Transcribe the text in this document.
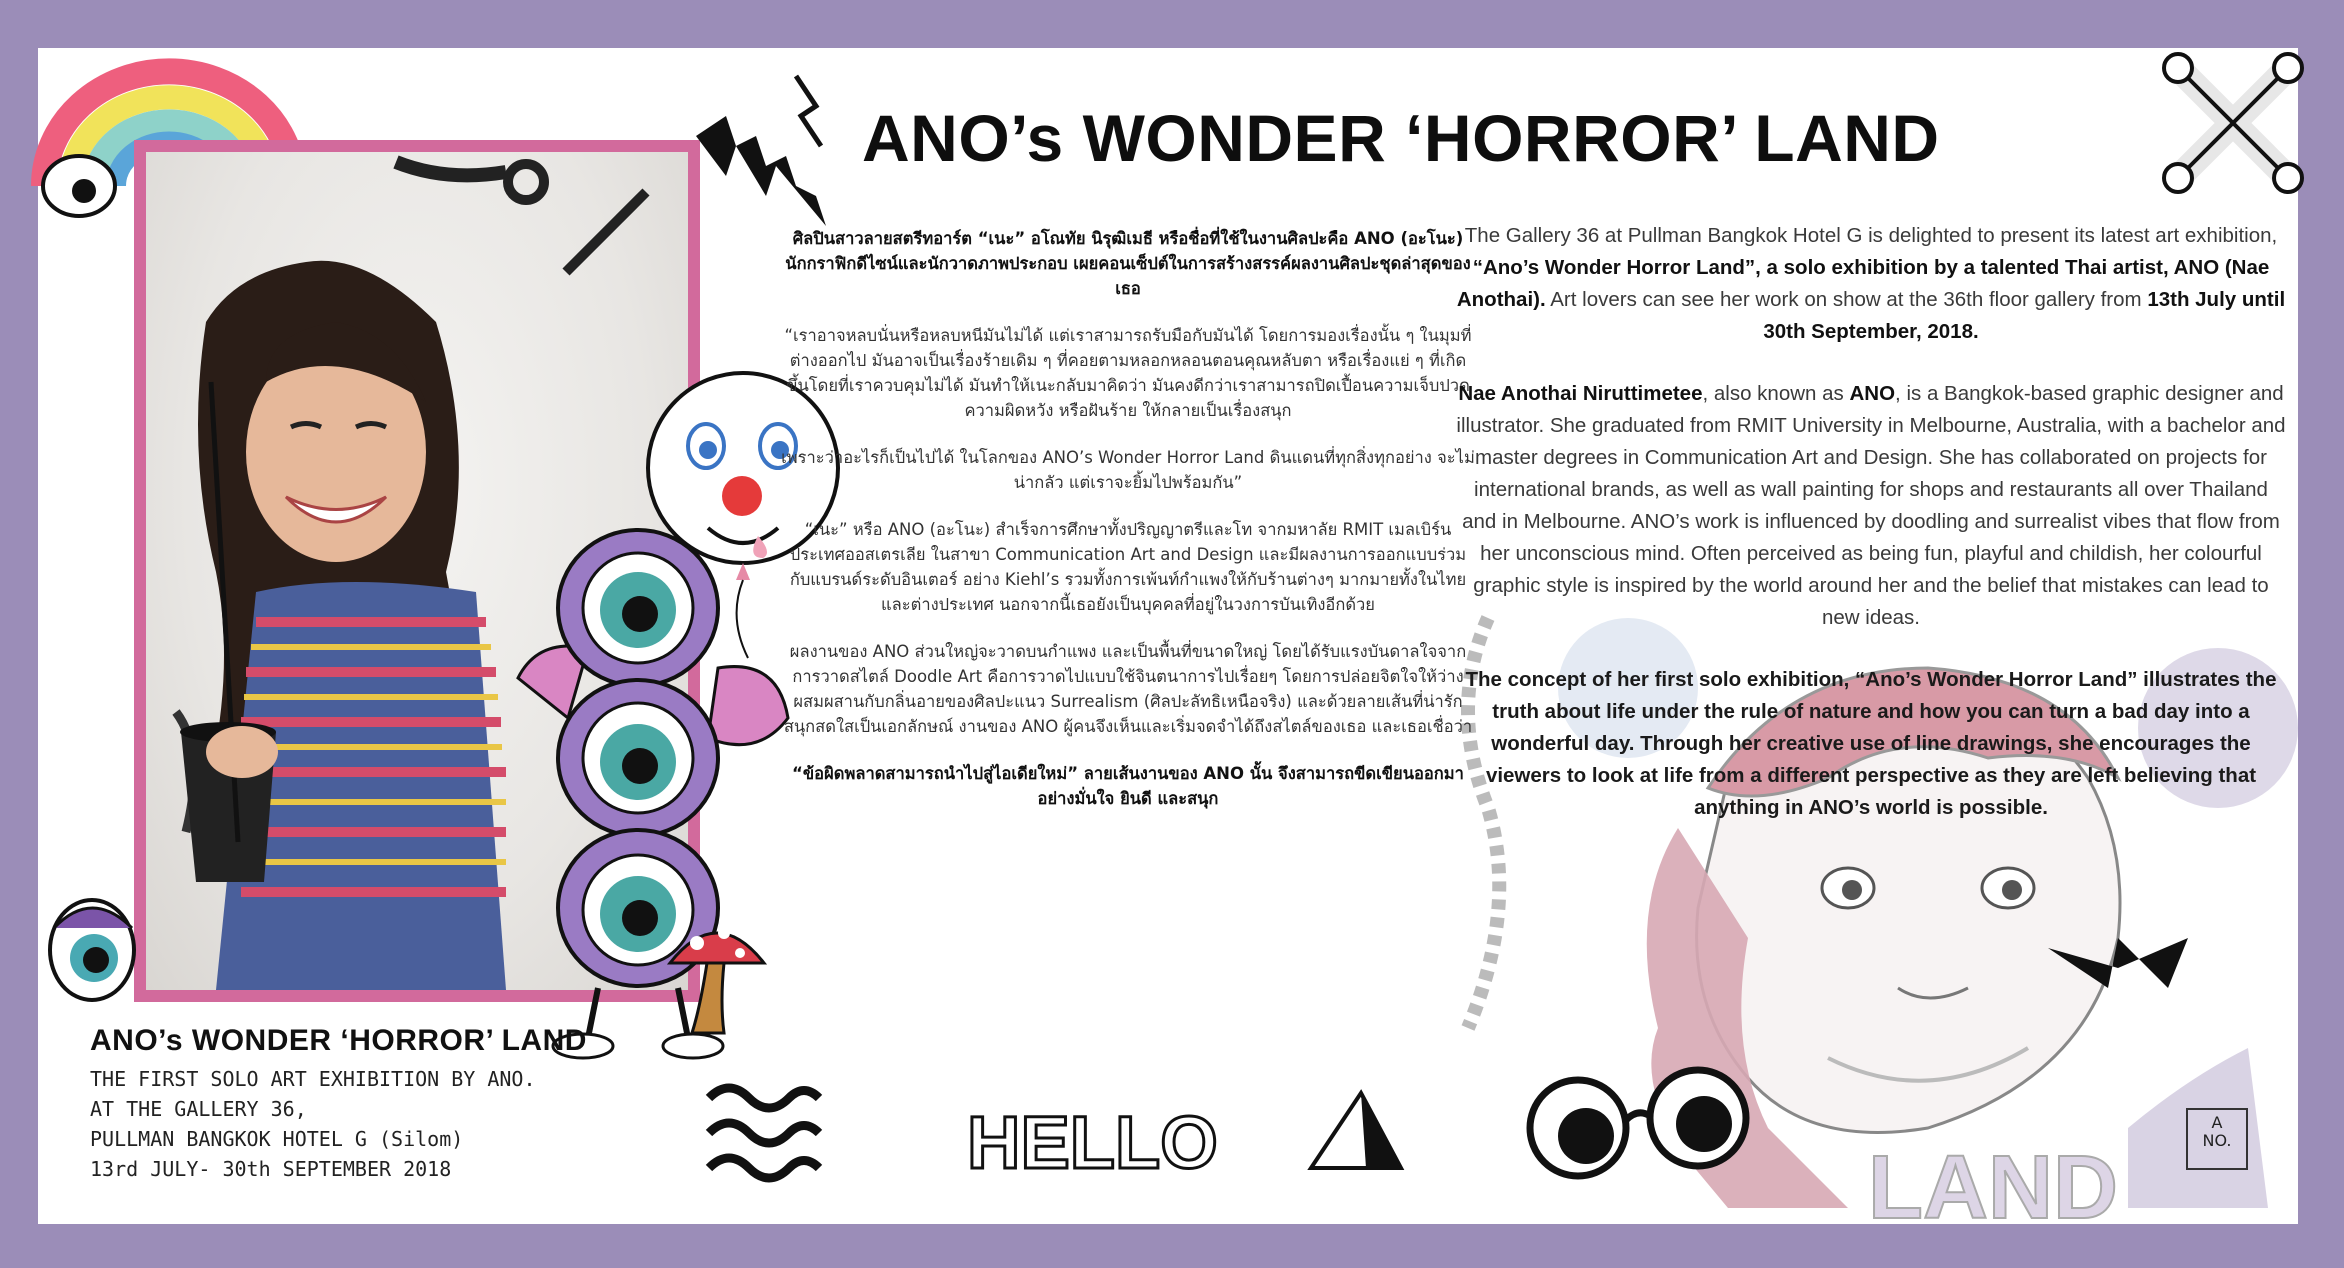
LAND
HELLO
ANO’s WONDER ‘HORROR’ LAND

ศิลปินสาวลายสตรีทอาร์ต “เนะ” อโณทัย นิรุฒิเมธี หรือชื่อที่ใช้ในงานศิลปะคือ ANO (อะโนะ) นักกราฟิกดีไซน์และนักวาดภาพประกอบ เผยคอนเซ็ปต์ในการสร้างสรรค์ผลงานศิลปะชุดล่าสุดของเธอ

“เราอาจหลบนั่นหรือหลบหนีมันไม่ได้ แต่เราสามารถรับมือกับมันได้ โดยการมองเรื่องนั้น ๆ ในมุมที่ต่างออกไป มันอาจเป็นเรื่องร้ายเดิม ๆ ที่คอยตามหลอกหลอนตอนคุณหลับตา หรือเรื่องแย่ ๆ ที่เกิดขึ้นโดยที่เราควบคุมไม่ได้ มันทำให้เนะกลับมาคิดว่า มันคงดีกว่าเราสามารถปิดเปื้อนความเจ็บปวด ความผิดหวัง หรือฝันร้าย ให้กลายเป็นเรื่องสนุก

เพราะว่าอะไรก็เป็นไปได้ ในโลกของ ANO’s Wonder Horror Land ดินแดนที่ทุกสิ่งทุกอย่าง จะไม่น่ากลัว แต่เราจะยิ้มไปพร้อมกัน”

“เนะ” หรือ ANO (อะโนะ) สำเร็จการศึกษาทั้งปริญญาตรีและโท จากมหาลัย RMIT เมลเบิร์น ประเทศออสเตรเลีย ในสาขา Communication Art and Design และมีผลงานการออกแบบร่วมกับแบรนด์ระดับอินเตอร์ อย่าง Kiehl’s รวมทั้งการเพ้นท์กำแพงให้กับร้านต่างๆ มากมายทั้งในไทย และต่างประเทศ นอกจากนี้เธอยังเป็นบุคคลที่อยู่ในวงการบันเทิงอีกด้วย

ผลงานของ ANO ส่วนใหญ่จะวาดบนกำแพง และเป็นพื้นที่ขนาดใหญ่ โดยได้รับแรงบันดาลใจจากการวาดสไตล์ Doodle Art คือการวาดไปแบบใช้จินตนาการไปเรื่อยๆ โดยการปล่อยจิตใจให้ว่าง ผสมผสานกับกลิ่นอายของศิลปะแนว Surrealism (ศิลปะลัทธิเหนือจริง) และด้วยลายเส้นที่น่ารัก สนุกสดใสเป็นเอกลักษณ์ งานของ ANO ผู้คนจึงเห็นและเริ่มจดจำได้ถึงสไตล์ของเธอ และเธอเชื่อว่า

“ข้อผิดพลาดสามารถนำไปสู่ไอเดียใหม่” ลายเส้นงานของ ANO นั้น จึงสามารถขีดเขียนออกมาอย่างมั่นใจ ยินดี และสนุก

The Gallery 36 at Pullman Bangkok Hotel G is delighted to present its latest art exhibition, “Ano’s Wonder Horror Land”, a solo exhibition by a talented Thai artist, ANO (Nae Anothai). Art lovers can see her work on show at the 36th floor gallery from 13th July until 30th September, 2018.

Nae Anothai Niruttimetee, also known as ANO, is a Bangkok-based graphic designer and illustrator. She graduated from RMIT University in Melbourne, Australia, with a bachelor and master degrees in Communication Art and Design. She has collaborated on projects for international brands, as well as wall painting for shops and restaurants all over Thailand and in Melbourne. ANO’s work is influenced by doodling and surrealist vibes that flow from her unconscious mind. Often perceived as being fun, playful and childish, her colourful graphic style is inspired by the world around her and the belief that mistakes can lead to new ideas.

The concept of her first solo exhibition, “Ano’s Wonder Horror Land” illustrates the truth about life under the rule of nature and how you can turn a bad day into a wonderful day. Through her creative use of line drawings, she encourages the viewers to look at life from a different perspective as they are left believing that anything in ANO’s world is possible.

ANO’s WONDER ‘HORROR’ LAND

THE FIRST SOLO ART EXHIBITION BY ANO.

AT THE GALLERY 36,

PULLMAN BANGKOK HOTEL G (Silom)

13rd JULY- 30th SEPTEMBER 2018

A
NO.
